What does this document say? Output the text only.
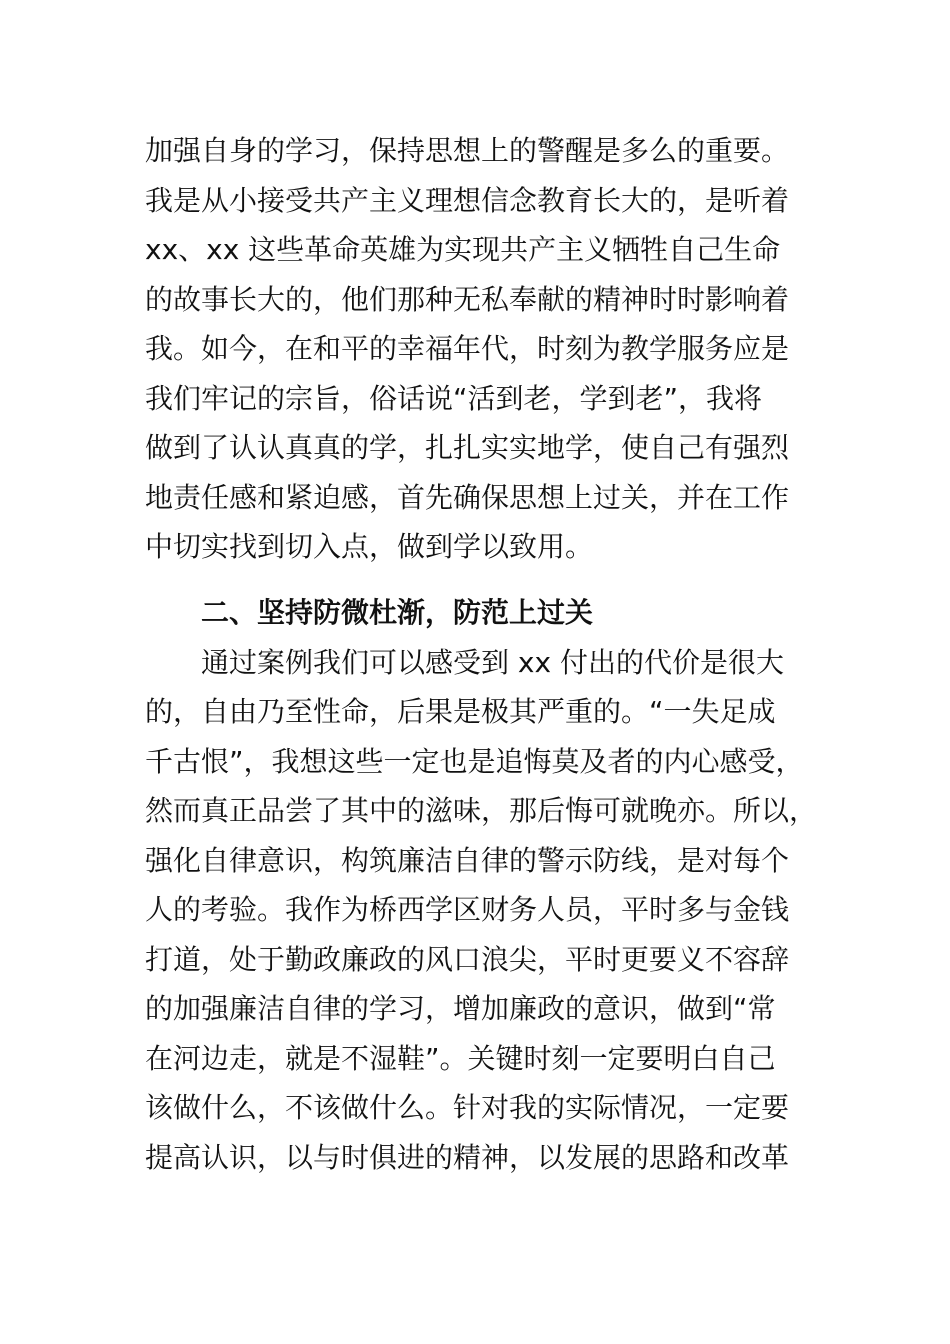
加强自身的学习，保持思想上的警醒是多么的重要。
我是从小接受共产主义理想信念教育长大的，是听着
xx、xx 这些革命英雄为实现共产主义牺牲自己生命
的故事长大的，他们那种无私奉献的精神时时影响着
我。如今，在和平的幸福年代，时刻为教学服务应是
我们牢记的宗旨，俗话说“活到老，学到老”，我将
做到了认认真真的学，扎扎实实地学，使自己有强烈
地责任感和紧迫感，首先确保思想上过关，并在工作
中切实找到切入点，做到学以致用。
二、坚持防微杜渐，防范上过关
通过案例我们可以感受到 xx 付出的代价是很大
的，自由乃至性命，后果是极其严重的。“一失足成
千古恨”，我想这些一定也是追悔莫及者的内心感受，
然而真正品尝了其中的滋味，那后悔可就晚亦。所以，
强化自律意识，构筑廉洁自律的警示防线，是对每个
人的考验。我作为桥西学区财务人员，平时多与金钱
打道，处于勤政廉政的风口浪尖，平时更要义不容辞
的加强廉洁自律的学习，增加廉政的意识，做到“常
在河边走，就是不湿鞋”。关键时刻一定要明白自己
该做什么，不该做什么。针对我的实际情况，一定要
提高认识，以与时俱进的精神，以发展的思路和改革
